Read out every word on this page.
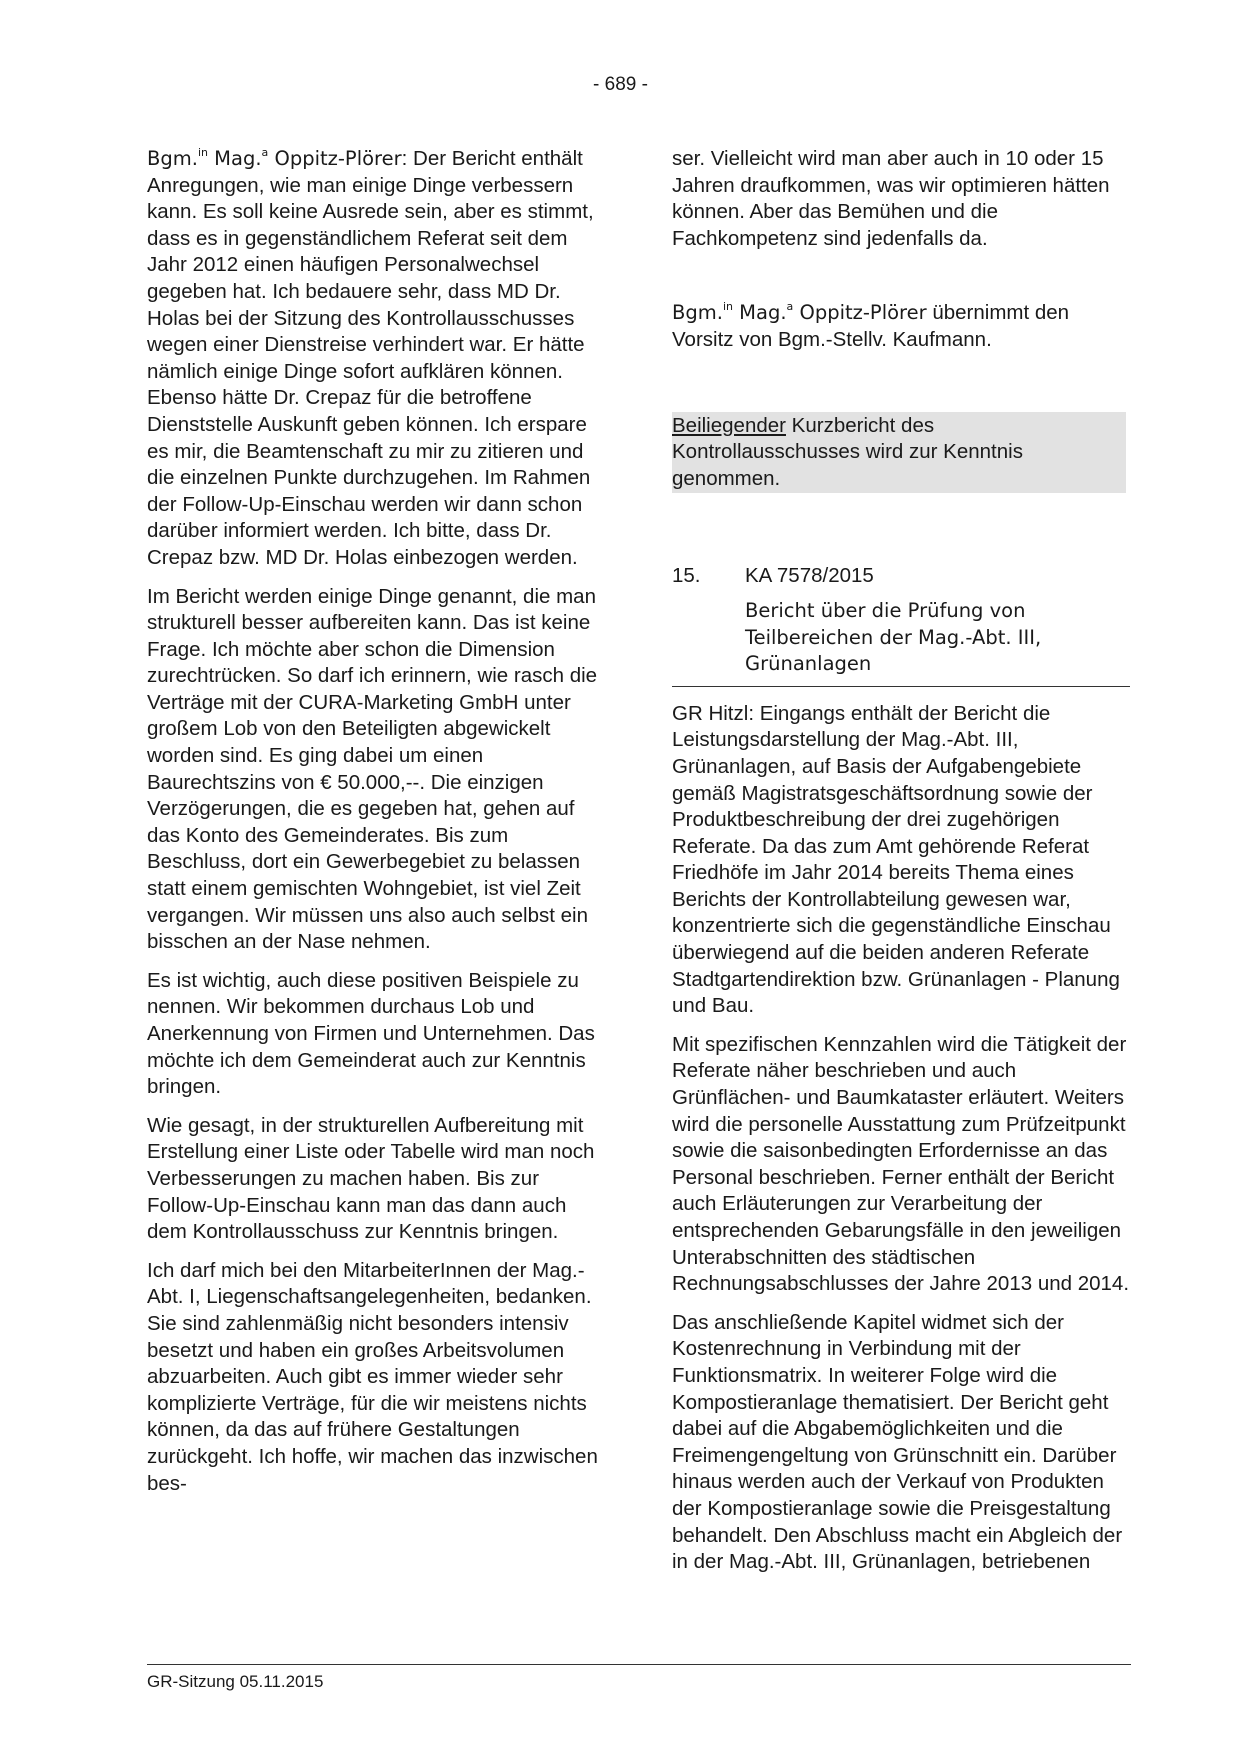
- 689 -

Bgm.$^{in}$ Mag.$^a$ Oppitz-Plörer: Der Bericht enthält Anregungen, wie man einige Dinge verbessern kann. Es soll keine Ausrede sein, aber es stimmt, dass es in gegenständlichem Referat seit dem Jahr 2012 einen häufigen Personalwechsel gegeben hat. Ich bedauere sehr, dass MD Dr. Holas bei der Sitzung des Kontrollausschusses wegen einer Dienstreise verhindert war. Er hätte nämlich einige Dinge sofort aufklären können. Ebenso hätte Dr. Crepaz für die betroffene Dienststelle Auskunft geben können. Ich erspare es mir, die Beamtenschaft zu mir zu zitieren und die einzelnen Punkte durchzugehen. Im Rahmen der Follow-Up-Einschau werden wir dann schon darüber informiert werden. Ich bitte, dass Dr. Crepaz bzw. MD Dr. Holas einbezogen werden.

Im Bericht werden einige Dinge genannt, die man strukturell besser aufbereiten kann. Das ist keine Frage. Ich möchte aber schon die Dimension zurechtrücken. So darf ich erinnern, wie rasch die Verträge mit der CURA-Marketing GmbH unter großem Lob von den Beteiligten abgewickelt worden sind. Es ging dabei um einen Baurechtszins von € 50.000,--. Die einzigen Verzögerungen, die es gegeben hat, gehen auf das Konto des Gemeinderates. Bis zum Beschluss, dort ein Gewerbegebiet zu belassen statt einem gemischten Wohngebiet, ist viel Zeit vergangen. Wir müssen uns also auch selbst ein bisschen an der Nase nehmen.

Es ist wichtig, auch diese positiven Beispiele zu nennen. Wir bekommen durchaus Lob und Anerkennung von Firmen und Unternehmen. Das möchte ich dem Gemeinderat auch zur Kenntnis bringen.

Wie gesagt, in der strukturellen Aufbereitung mit Erstellung einer Liste oder Tabelle wird man noch Verbesserungen zu machen haben. Bis zur Follow-Up-Einschau kann man das dann auch dem Kontrollausschuss zur Kenntnis bringen.

Ich darf mich bei den MitarbeiterInnen der Mag.-Abt. I, Liegenschaftsangelegenheiten, bedanken. Sie sind zahlenmäßig nicht besonders intensiv besetzt und haben ein großes Arbeitsvolumen abzuarbeiten. Auch gibt es immer wieder sehr komplizierte Verträge, für die wir meistens nichts können, da das auf frühere Gestaltungen zurückgeht. Ich hoffe, wir machen das inzwischen bes-

ser. Vielleicht wird man aber auch in 10 oder 15 Jahren draufkommen, was wir optimieren hätten können. Aber das Bemühen und die Fachkompetenz sind jedenfalls da.

Bgm.$^{in}$ Mag.$^a$ Oppitz-Plörer übernimmt den Vorsitz von Bgm.-Stellv. Kaufmann.

Beiliegender Kurzbericht des Kontrollausschusses wird zur Kenntnis genommen.

15.	KA 7578/2015
Bericht über die Prüfung von Teilbereichen der Mag.-Abt. III, Grünanlagen

GR Hitzl: Eingangs enthält der Bericht die Leistungsdarstellung der Mag.-Abt. III, Grünanlagen, auf Basis der Aufgabengebiete gemäß Magistratsgeschäftsordnung sowie der Produktbeschreibung der drei zugehörigen Referate. Da das zum Amt gehörende Referat Friedhöfe im Jahr 2014 bereits Thema eines Berichts der Kontrollabteilung gewesen war, konzentrierte sich die gegenständliche Einschau überwiegend auf die beiden anderen Referate Stadtgartendirektion bzw. Grünanlagen - Planung und Bau.

Mit spezifischen Kennzahlen wird die Tätigkeit der Referate näher beschrieben und auch Grünflächen- und Baumkataster erläutert. Weiters wird die personelle Ausstattung zum Prüfzeitpunkt sowie die saisonbedingten Erfordernisse an das Personal beschrieben. Ferner enthält der Bericht auch Erläuterungen zur Verarbeitung der entsprechenden Gebarungsfälle in den jeweiligen Unterabschnitten des städtischen Rechnungsabschlusses der Jahre 2013 und 2014.

Das anschließende Kapitel widmet sich der Kostenrechnung in Verbindung mit der Funktionsmatrix. In weiterer Folge wird die Kompostieranlage thematisiert. Der Bericht geht dabei auf die Abgabemöglichkeiten und die Freimengengeltung von Grünschnitt ein. Darüber hinaus werden auch der Verkauf von Produkten der Kompostieranlage sowie die Preisgestaltung behandelt. Den Abschluss macht ein Abgleich der in der Mag.-Abt. III, Grünanlagen, betriebenen

GR-Sitzung 05.11.2015
